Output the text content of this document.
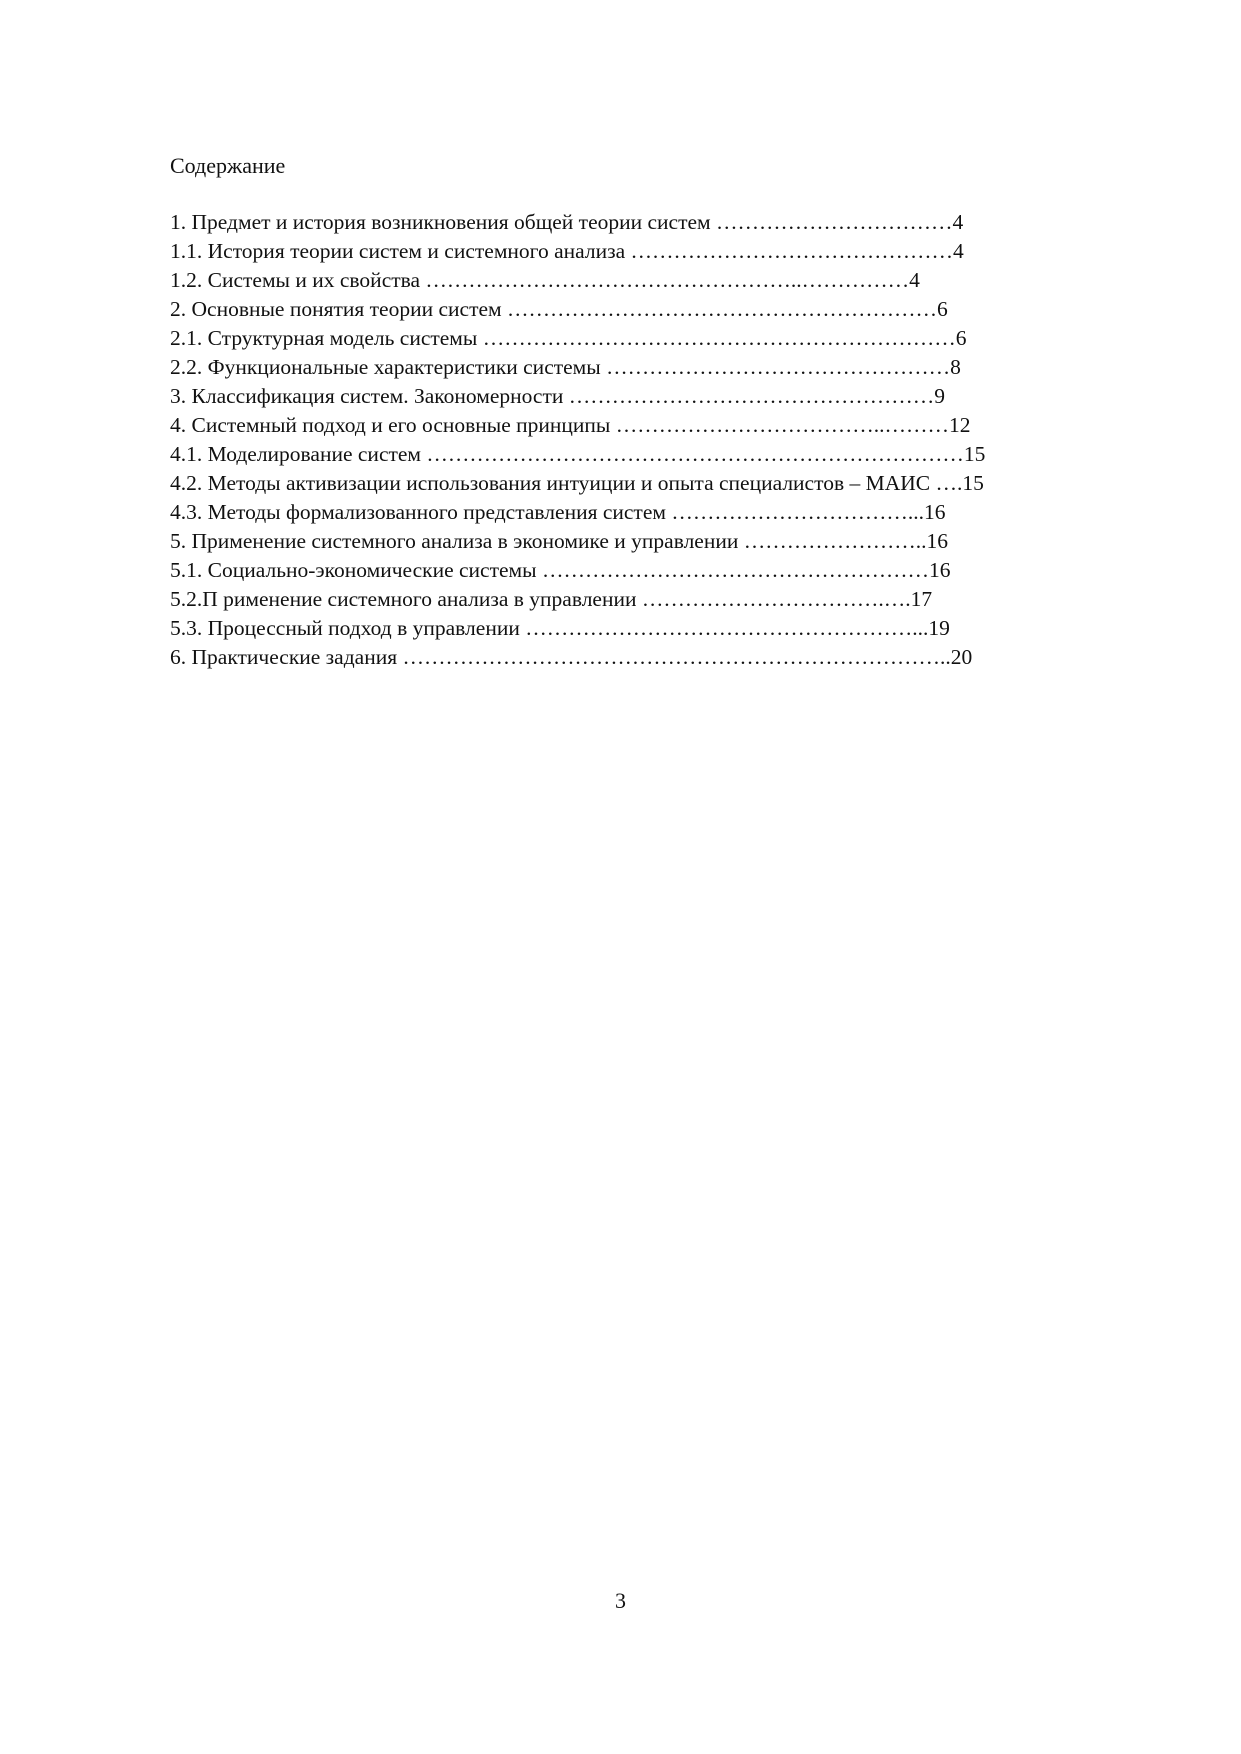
Содержание
1. Предмет и история возникновения общей теории систем ……………………………4
1.1. История теории систем и системного анализа ………………………………………4
1.2. Системы и их свойства ……………………………………………..……………4
2. Основные понятия теории систем ……………………………………………………6
2.1. Структурная модель системы …………………………………………………………6
2.2. Функциональные характеристики системы …………………………………………8
3. Классификация систем. Закономерности ……………………………………………9
4. Системный подход и его основные принципы ………………………………..………12
4.1. Моделирование систем …………………………………………………………………15
4.2. Методы активизации использования интуиции и опыта специалистов – МАИС ….15
4.3. Методы формализованного представления систем ……………………………...16
5. Применение системного анализа в экономике и управлении ……………………..16
5.1. Социально-экономические системы ………………………………………………16
5.2.П рименение системного анализа в управлении …………………………….….17
5.3. Процессный подход в управлении ………………………………………………...19
6. Практические задания …………………………………………………………………..20
3
